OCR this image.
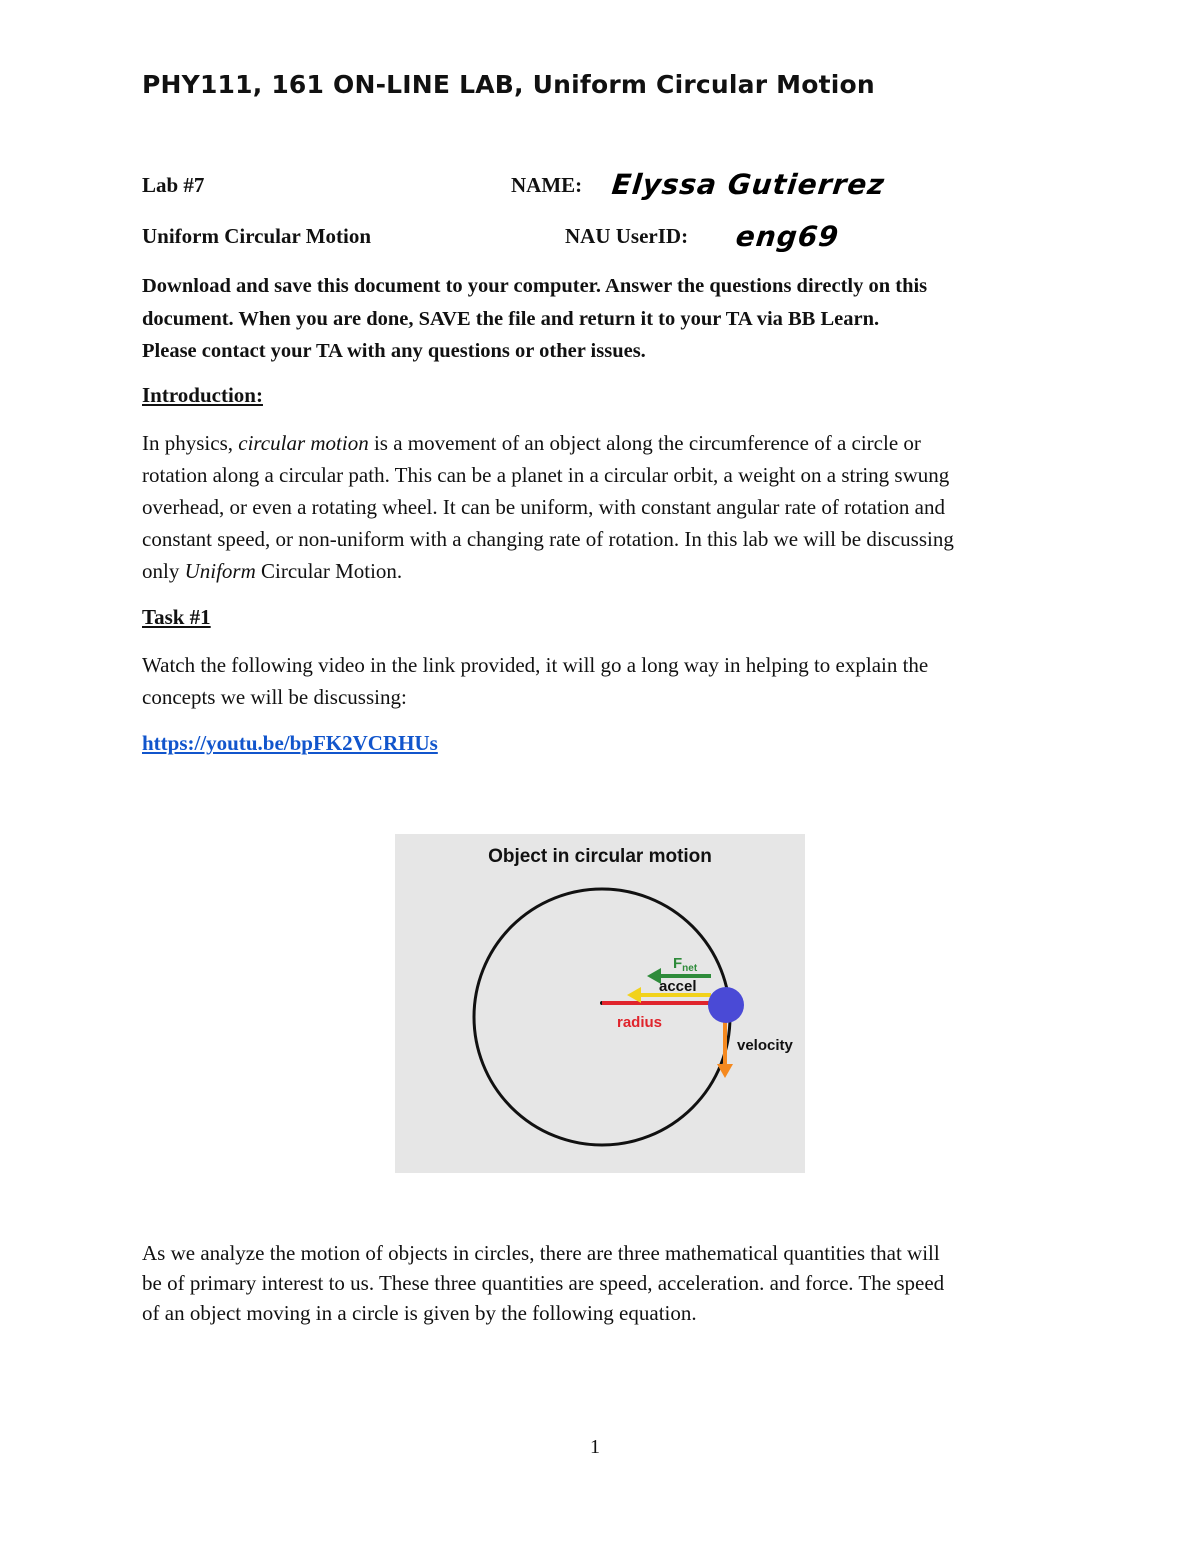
PHY111, 161 ON-LINE LAB, Uniform Circular Motion
Lab #7	NAME: Elyssa Gutierrez
Uniform Circular Motion	NAU UserID: eng69
Download and save this document to your computer. Answer the questions directly on this
document. When you are done, SAVE the file and return it to your TA via BB Learn.
Please contact your TA with any questions or other issues.
Introduction:
In physics, circular motion is a movement of an object along the circumference of a circle or
rotation along a circular path. This can be a planet in a circular orbit, a weight on a string swung
overhead, or even a rotating wheel. It can be uniform, with constant angular rate of rotation and
constant speed, or non-uniform with a changing rate of rotation. In this lab we will be discussing
only Uniform Circular Motion.
Task #1
Watch the following video in the link provided, it will go a long way in helping to explain the
concepts we will be discussing:
https://youtu.be/bpFK2VCRHUs
Object in circular motion
$F_{net}$
accel
radius
velocity
As we analyze the motion of objects in circles, there are three mathematical quantities that will
be of primary interest to us. These three quantities are speed, acceleration. and force. The speed
of an object moving in a circle is given by the following equation.
1
